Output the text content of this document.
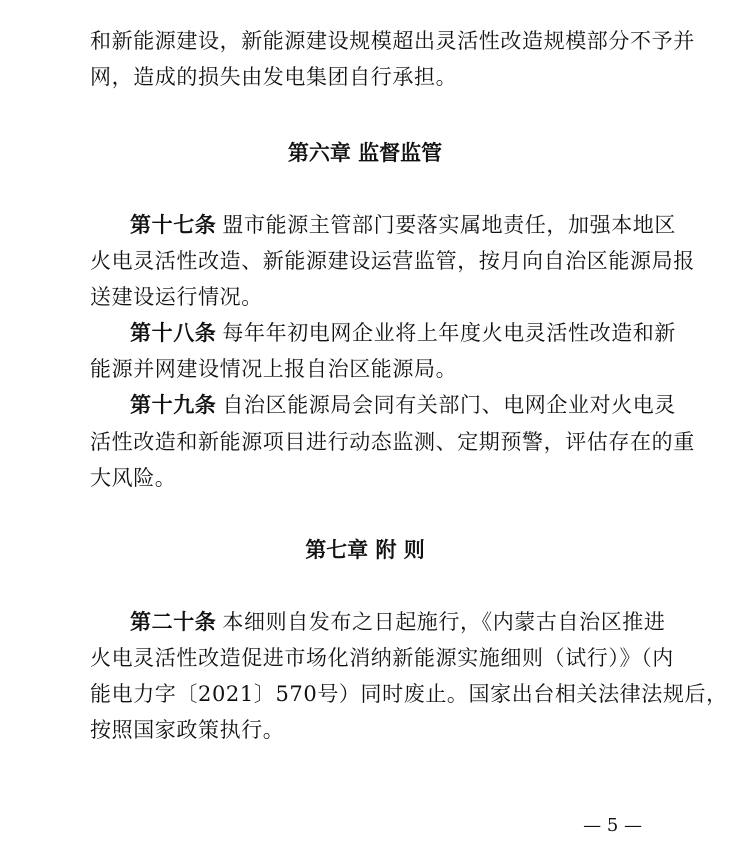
和新能源建设，新能源建设规模超出灵活性改造规模部分不予并
网，造成的损失由发电集团自行承担。
第六章 监督监管
第十七条 盟市能源主管部门要落实属地责任，加强本地区
火电灵活性改造、新能源建设运营监管，按月向自治区能源局报
送建设运行情况。
第十八条 每年年初电网企业将上年度火电灵活性改造和新
能源并网建设情况上报自治区能源局。
第十九条 自治区能源局会同有关部门、电网企业对火电灵
活性改造和新能源项目进行动态监测、定期预警，评估存在的重
大风险。
第七章 附 则
第二十条 本细则自发布之日起施行，《内蒙古自治区推进
火电灵活性改造促进市场化消纳新能源实施细则（试行）》（内
能电力字〔2021〕570号）同时废止。国家出台相关法律法规后，
按照国家政策执行。
— 5 —
